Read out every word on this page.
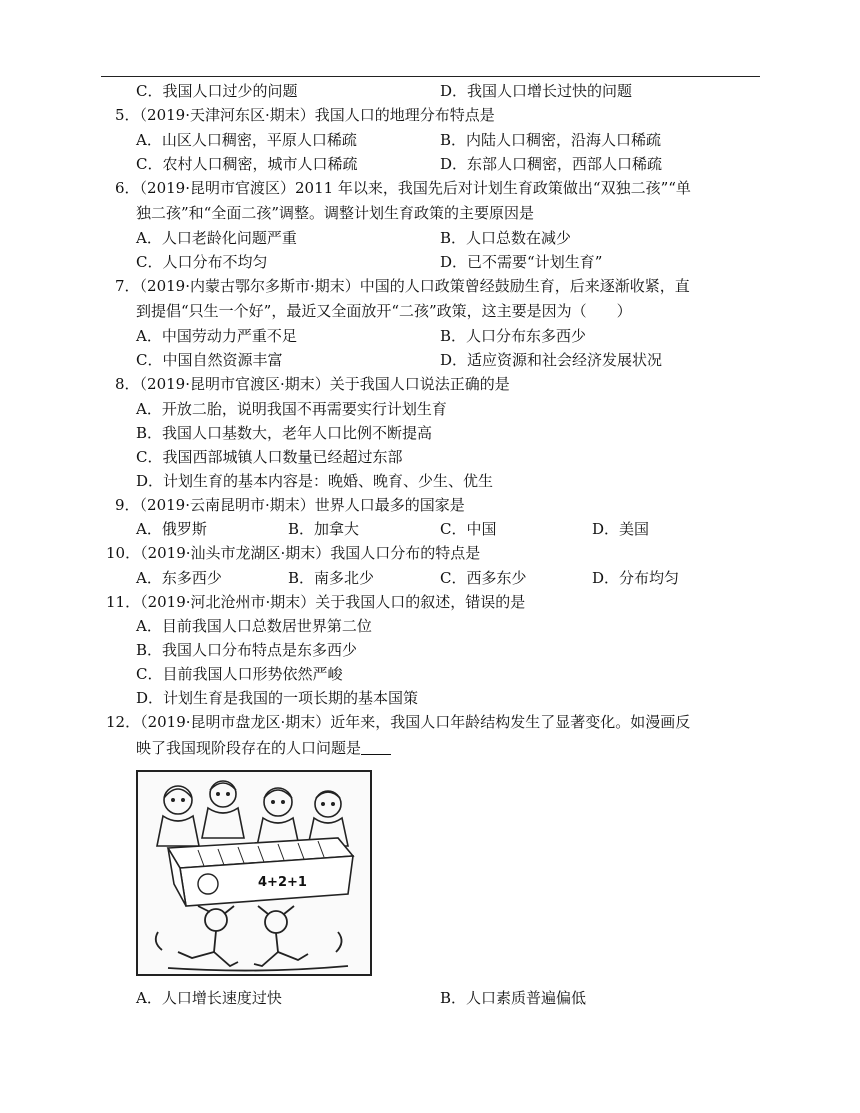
C．我国人口过少的问题	D．我国人口增长过快的问题
5．（2019·天津河东区·期末）我国人口的地理分布特点是
A．山区人口稠密，平原人口稀疏	B．内陆人口稠密，沿海人口稀疏
C．农村人口稠密，城市人口稀疏	D．东部人口稠密，西部人口稀疏
6．（2019·昆明市官渡区）2011 年以来，我国先后对计划生育政策做出“双独二孩”“单
独二孩”和“全面二孩”调整。调整计划生育政策的主要原因是
A．人口老龄化问题严重	B．人口总数在减少
C．人口分布不均匀	D．已不需要“计划生育”
7．（2019·内蒙古鄂尔多斯市·期末）中国的人口政策曾经鼓励生育，后来逐渐收紧，直
到提倡“只生一个好”，最近又全面放开“二孩”政策，这主要是因为（　　）
A．中国劳动力严重不足	B．人口分布东多西少
C．中国自然资源丰富	D．适应资源和社会经济发展状况
8．（2019·昆明市官渡区·期末）关于我国人口说法正确的是
A．开放二胎，说明我国不再需要实行计划生育
B．我国人口基数大，老年人口比例不断提高
C．我国西部城镇人口数量已经超过东部
D．计划生育的基本内容是：晚婚、晚育、少生、优生
9．（2019·云南昆明市·期末）世界人口最多的国家是
A．俄罗斯	B．加拿大	C．中国	D．美国
10．（2019·汕头市龙湖区·期末）我国人口分布的特点是
A．东多西少	B．南多北少	C．西多东少	D．分布均匀
11．（2019·河北沧州市·期末）关于我国人口的叙述，错误的是
A．目前我国人口总数居世界第二位
B．我国人口分布特点是东多西少
C．目前我国人口形势依然严峻
D．计划生育是我国的一项长期的基本国策
12．（2019·昆明市盘龙区·期末）近年来，我国人口年龄结构发生了显著变化。如漫画反
映了我国现阶段存在的人口问题是
4+2+1
A．人口增长速度过快	B．人口素质普遍偏低
